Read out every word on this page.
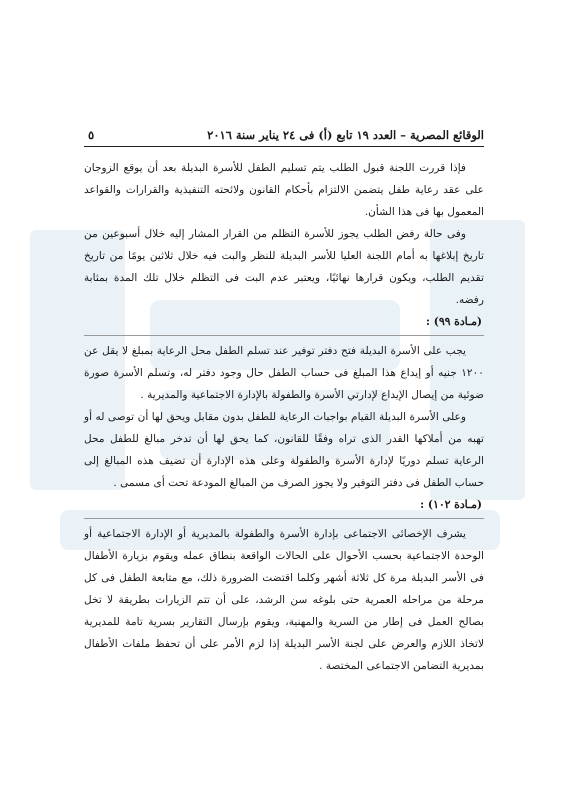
الوقائع المصرية – العدد ١٩ تابع (أ) فى ٢٤ يناير سنة ٢٠١٦
٥

فإذا قررت اللجنة قبول الطلب يتم تسليم الطفل للأسرة البديلة بعد أن يوقع الزوجان على عقد رعاية طفل يتضمن الالتزام بأحكام القانون ولائحته التنفيذية والقرارات والقواعد المعمول بها فى هذا الشأن.

وفى حالة رفض الطلب يجوز للأسرة التظلم من القرار المشار إليه خلال أسبوعين من تاريخ إبلاغها به أمام اللجنة العليا للأسر البديلة للنظر والبت فيه خلال ثلاثين يومًا من تاريخ تقديم الطلب، ويكون قرارها نهائيًا، ويعتبر عدم البت فى التظلم خلال تلك المدة بمثابة رفضه.

(مـادة ٩٩) :

يجب على الأسرة البديلة فتح دفتر توفير عند تسلم الطفل محل الرعاية بمبلغ لا يقل عن ١٢٠٠ جنيه أو إيداع هذا المبلغ فى حساب الطفل حال وجود دفتر له، وتسلم الأسرة صورة ضوئية من إيصال الإيداع لإدارتي الأسرة والطفولة بالإدارة الاجتماعية والمديرية .

وعلى الأسرة البديلة القيام بواجبات الرعاية للطفل بدون مقابل ويحق لها أن توصى له أو تهبه من أملاكها القدر الذى تراه وفقًا للقانون، كما يحق لها أن تدخر مبالغ للطفل محل الرعاية تسلم دوريًا لإدارة الأسرة والطفولة وعلى هذه الإدارة أن تضيف هذه المبالغ إلى حساب الطفل فى دفتر التوفير ولا يجوز الصرف من المبالغ المودعة تحت أى مسمى .

(مـادة ١٠٢) :

يشرف الإخصائى الاجتماعى بإدارة الأسرة والطفولة بالمديرية أو الإدارة الاجتماعية أو الوحدة الاجتماعية بحسب الأحوال على الحالات الواقعة بنطاق عمله ويقوم بزيارة الأطفال فى الأسر البديلة مرة كل ثلاثة أشهر وكلما اقتضت الضرورة ذلك، مع متابعة الطفل فى كل مرحلة من مراحله العمرية حتى بلوغه سن الرشد، على أن تتم الزيارات بطريقة لا تخل بصالح العمل فى إطار من السرية والمهنية، ويقوم بإرسال التقارير بسرية تامة للمديرية لاتخاذ اللازم والعرض على لجنة الأسر البديلة إذا لزم الأمر على أن تحفظ ملفات الأطفال بمديرية التضامن الاجتماعى المختصة .
